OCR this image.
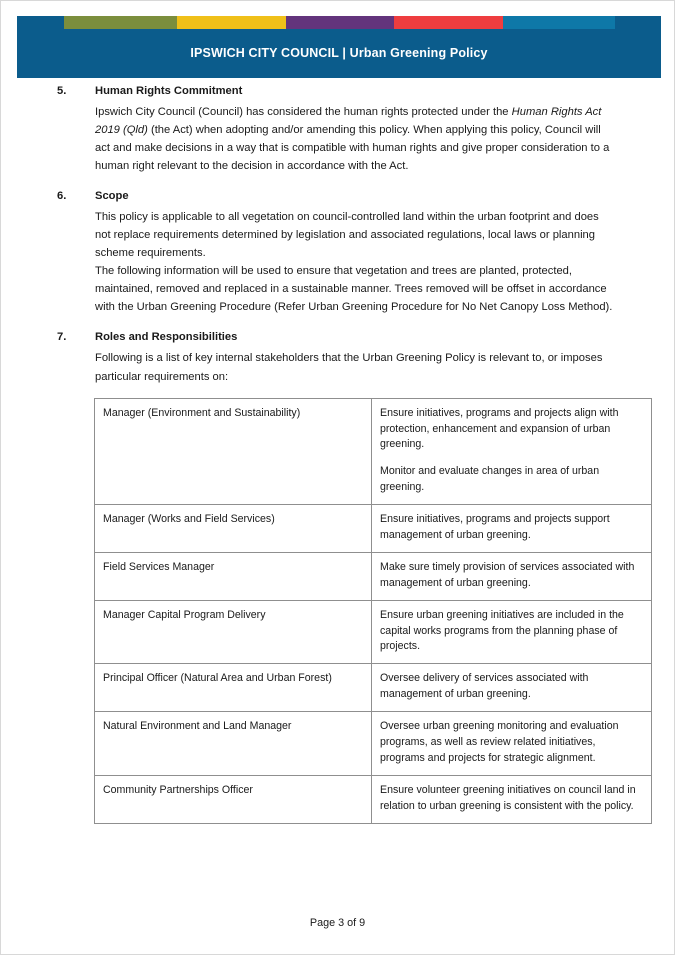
IPSWICH CITY COUNCIL | Urban Greening Policy
5.	Human Rights Commitment

Ipswich City Council (Council) has considered the human rights protected under the Human Rights Act 2019 (Qld) (the Act) when adopting and/or amending this policy. When applying this policy, Council will act and make decisions in a way that is compatible with human rights and give proper consideration to a human right relevant to the decision in accordance with the Act.

6.	Scope

This policy is applicable to all vegetation on council-controlled land within the urban footprint and does not replace requirements determined by legislation and associated regulations, local laws or planning scheme requirements.

The following information will be used to ensure that vegetation and trees are planted, protected, maintained, removed and replaced in a sustainable manner. Trees removed will be offset in accordance with the Urban Greening Procedure (Refer Urban Greening Procedure for No Net Canopy Loss Method).

7.	Roles and Responsibilities

Following is a list of key internal stakeholders that the Urban Greening Policy is relevant to, or imposes particular requirements on:

Manager (Environment and Sustainability)	Ensure initiatives, programs and projects align with protection, enhancement and expansion of urban greening.

Monitor and evaluate changes in area of urban greening.

Manager (Works and Field Services)	Ensure initiatives, programs and projects support management of urban greening.

Field Services Manager	Make sure timely provision of services associated with management of urban greening.

Manager Capital Program Delivery	Ensure urban greening initiatives are included in the capital works programs from the planning phase of projects.

Principal Officer (Natural Area and Urban Forest)	Oversee delivery of services associated with management of urban greening.

Natural Environment and Land Manager	Oversee urban greening monitoring and evaluation programs, as well as review related initiatives, programs and projects for strategic alignment.

Community Partnerships Officer	Ensure volunteer greening initiatives on council land in relation to urban greening is consistent with the policy.

Page 3 of 9
